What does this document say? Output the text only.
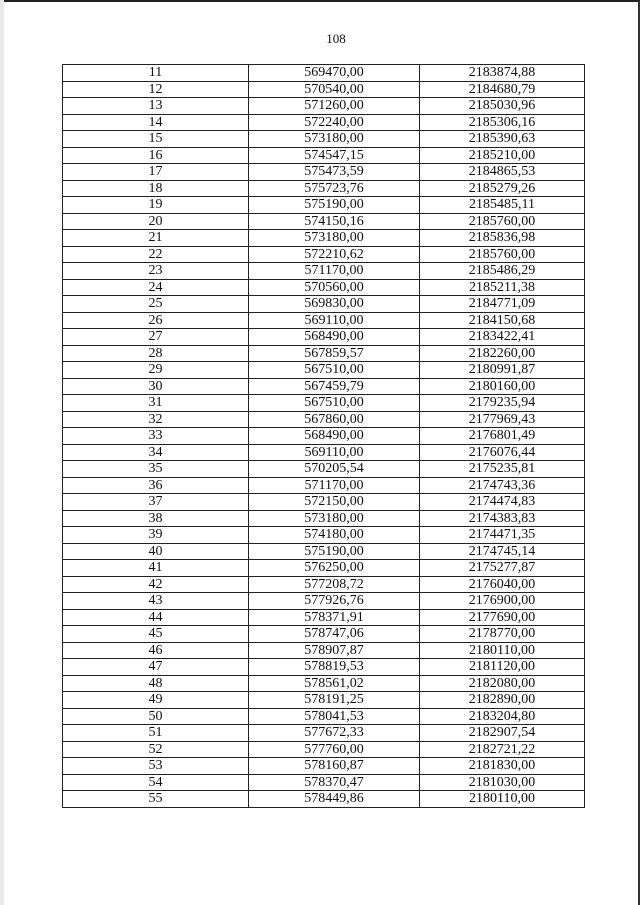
108
11	569470,00	2183874,88
12	570540,00	2184680,79
13	571260,00	2185030,96
14	572240,00	2185306,16
15	573180,00	2185390,63
16	574547,15	2185210,00
17	575473,59	2184865,53
18	575723,76	2185279,26
19	575190,00	2185485,11
20	574150,16	2185760,00
21	573180,00	2185836,98
22	572210,62	2185760,00
23	571170,00	2185486,29
24	570560,00	2185211,38
25	569830,00	2184771,09
26	569110,00	2184150,68
27	568490,00	2183422,41
28	567859,57	2182260,00
29	567510,00	2180991,87
30	567459,79	2180160,00
31	567510,00	2179235,94
32	567860,00	2177969,43
33	568490,00	2176801,49
34	569110,00	2176076,44
35	570205,54	2175235,81
36	571170,00	2174743,36
37	572150,00	2174474,83
38	573180,00	2174383,83
39	574180,00	2174471,35
40	575190,00	2174745,14
41	576250,00	2175277,87
42	577208,72	2176040,00
43	577926,76	2176900,00
44	578371,91	2177690,00
45	578747,06	2178770,00
46	578907,87	2180110,00
47	578819,53	2181120,00
48	578561,02	2182080,00
49	578191,25	2182890,00
50	578041,53	2183204,80
51	577672,33	2182907,54
52	577760,00	2182721,22
53	578160,87	2181830,00
54	578370,47	2181030,00
55	578449,86	2180110,00
